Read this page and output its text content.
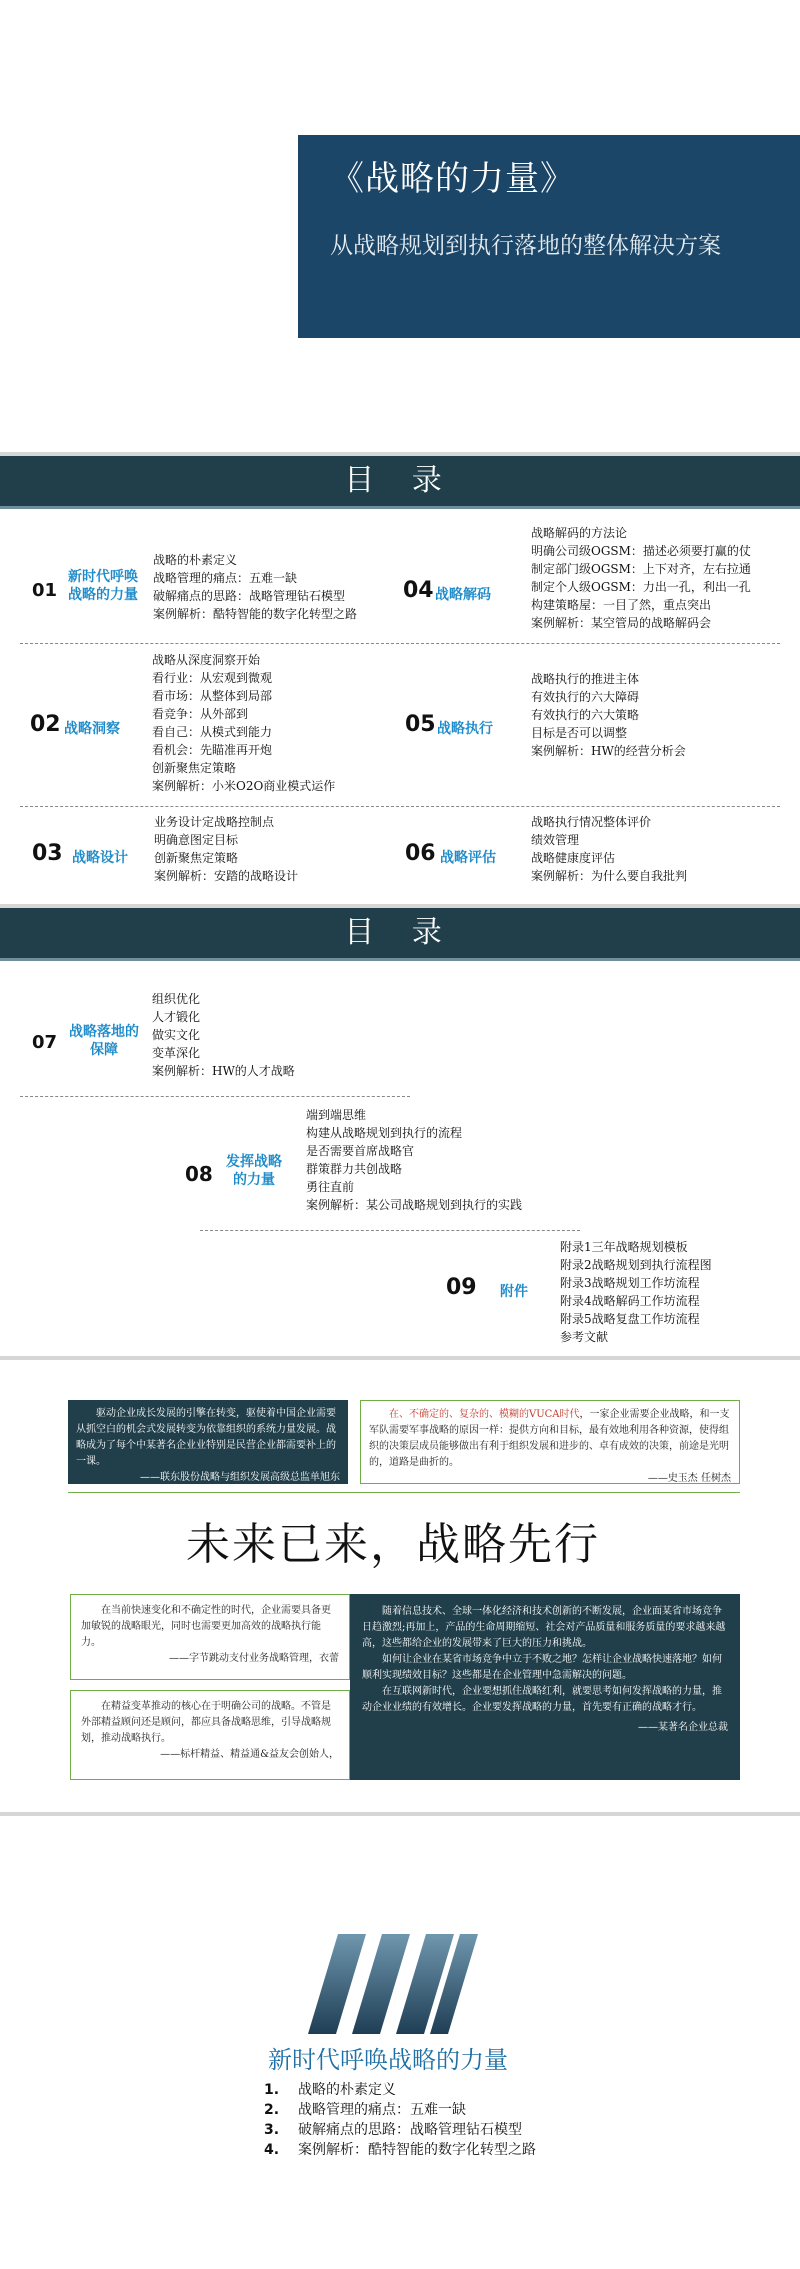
《战略的力量》
从战略规划到执行落地的整体解决方案
目 录
01
新时代呼唤
战略的力量
战略的朴素定义
战略管理的痛点：五难一缺
破解痛点的思路：战略管理钻石模型
案例解析：酷特智能的数字化转型之路
04 战略解码
战略解码的方法论
明确公司级OGSM：描述必须要打赢的仗
制定部门级OGSM：上下对齐，左右拉通
制定个人级OGSM：力出一孔，利出一孔
构建策略屋：一目了然，重点突出
案例解析：某空管局的战略解码会
02 战略洞察
战略从深度洞察开始
看行业：从宏观到微观
看市场：从整体到局部
看竞争：从外部到
看自己：从模式到能力
看机会：先瞄准再开炮
创新聚焦定策略
案例解析：小米O2O商业模式运作
05 战略执行
战略执行的推进主体
有效执行的六大障碍
有效执行的六大策略
目标是否可以调整
案例解析：HW的经营分析会
03 战略设计
业务设计定战略控制点
明确意图定目标
创新聚焦定策略
案例解析：安踏的战略设计
06 战略评估
战略执行情况整体评价
绩效管理
战略健康度评估
案例解析：为什么要自我批判
目 录
07 战略落地的
保障
组织优化
人才锻化
做实文化
变革深化
案例解析：HW的人才战略
08 发挥战略
的力量
端到端思维
构建从战略规划到执行的流程
是否需要首席战略官
群策群力共创战略
勇往直前
案例解析：某公司战略规划到执行的实践
09 附件
附录1三年战略规划模板
附录2战略规划到执行流程图
附录3战略规划工作坊流程
附录4战略解码工作坊流程
附录5战略复盘工作坊流程
参考文献
驱动企业成长发展的引擎在转变，驱使着中国企业需要从抓空白的机会式发展转变为依靠组织的系统力量发展。战略成为了每个中某著名企业业特别是民营企业都需要补上的一课。
——联东股份战略与组织发展高级总监单旭东
在、不确定的、复杂的、模糊的VUCA时代，一家企业需要企业战略，和一支军队需要军事战略的原因一样：提供方向和目标，最有效地利用各种资源，使得组织的决策层成员能够做出有利于组织发展和进步的、卓有成效的决策，前途是光明的，道路是曲折的。
——史玉杰 任树杰
未来已来，战略先行
在当前快速变化和不确定性的时代，企业需要具备更加敏锐的战略眼光，同时也需要更加高效的战略执行能力。
——字节跳动支付业务战略管理，衣蕾
随着信息技术、全球一体化经济和技术创新的不断发展，企业面某省市场竞争日趋激烈;再加上，产品的生命周期缩短、社会对产品质量和服务质量的要求越来越高，这些都给企业的发展带来了巨大的压力和挑战。
如何让企业在某省市场竞争中立于不败之地？怎样让企业战略快速落地？如何顺利实现绩效目标？这些都是在企业管理中急需解决的问题。
在互联网新时代，企业要想抓住战略红利，就要思考如何发挥战略的力量，推动企业业绩的有效增长。企业要发挥战略的力量，首先要有正确的战略才行。
——某著名企业总裁
在精益变革推动的核心在于明确公司的战略。不管是外部精益顾问还是顾问，都应具备战略思维，引导战略规划，推动战略执行。
——标杆精益、精益通&益友会创始人，
新时代呼唤战略的力量
1. 战略的朴素定义
2. 战略管理的痛点：五难一缺
3. 破解痛点的思路：战略管理钻石模型
4. 案例解析：酷特智能的数字化转型之路
